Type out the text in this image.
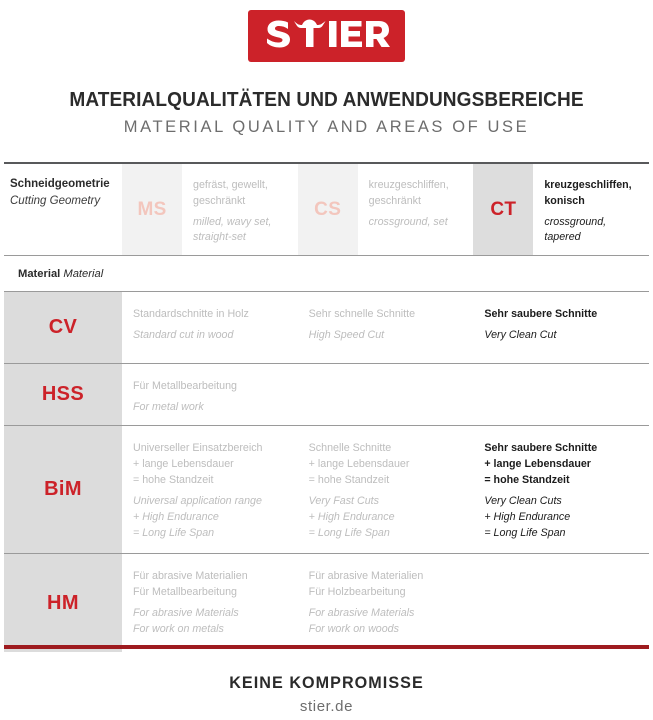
MATERIALQUALITÄTEN UND ANWENDUNGSBEREICHE
MATERIAL QUALITY AND AREAS OF USE
Schneidgeometrie
Cutting Geometry	MS
gefräst, gewellt, geschränkt
milled, wavy set, straight-set
CS
kreuzgeschliffen, geschränkt
crossground, set
CT
kreuzgeschliffen, konisch
crossground, tapered
Material Material
CV
Standardschnitte in Holz
Standard cut in wood
Sehr schnelle Schnitte
High Speed Cut
Sehr saubere Schnitte
Very Clean Cut
HSS	Für Metallbearbeitung
For metal work
BiM
Universeller Einsatzbereich
+ lange Lebensdauer
= hohe Standzeit
Universal application range
+ High Endurance
= Long Life Span
Schnelle Schnitte
+ lange Lebensdauer
= hohe Standzeit
Very Fast Cuts
+ High Endurance
= Long Life Span
Sehr saubere Schnitte
+ lange Lebensdauer
= hohe Standzeit
Very Clean Cuts
+ High Endurance
= Long Life Span
HM
Für abrasive Materialien
Für Metallbearbeitung
For abrasive Materials
For work on metals
Für abrasive Materialien
Für Holzbearbeitung
For abrasive Materials
For work on woods
KEINE KOMPROMISSE
stier.de
